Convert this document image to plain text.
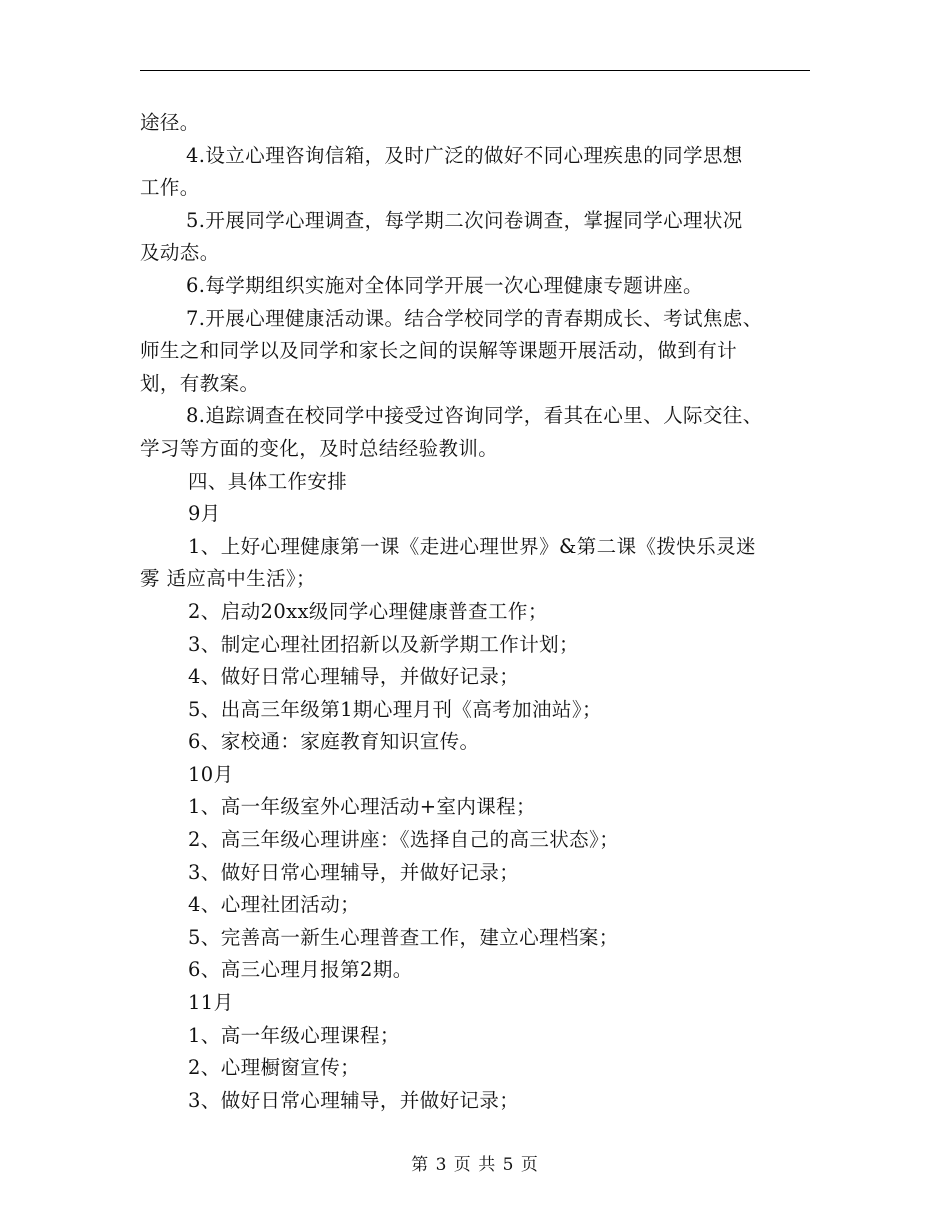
途径。
4.设立心理咨询信箱，及时广泛的做好不同心理疾患的同学思想
工作。
5.开展同学心理调查，每学期二次问卷调查，掌握同学心理状况
及动态。
6.每学期组织实施对全体同学开展一次心理健康专题讲座。
7.开展心理健康活动课。结合学校同学的青春期成长、考试焦虑、
师生之和同学以及同学和家长之间的误解等课题开展活动，做到有计
划，有教案。
8.追踪调查在校同学中接受过咨询同学，看其在心里、人际交往、
学习等方面的变化，及时总结经验教训。
四、具体工作安排
9月
1、上好心理健康第一课《走进心理世界》&第二课《拨快乐灵迷
雾 适应高中生活》；
2、启动20xx级同学心理健康普查工作；
3、制定心理社团招新以及新学期工作计划；
4、做好日常心理辅导，并做好记录；
5、出高三年级第1期心理月刊《高考加油站》；
6、家校通：家庭教育知识宣传。
10月
1、高一年级室外心理活动+室内课程；
2、高三年级心理讲座：《选择自己的高三状态》；
3、做好日常心理辅导，并做好记录；
4、心理社团活动；
5、完善高一新生心理普查工作，建立心理档案；
6、高三心理月报第2期。
11月
1、高一年级心理课程；
2、心理橱窗宣传；
3、做好日常心理辅导，并做好记录；
第 3 页 共 5 页
